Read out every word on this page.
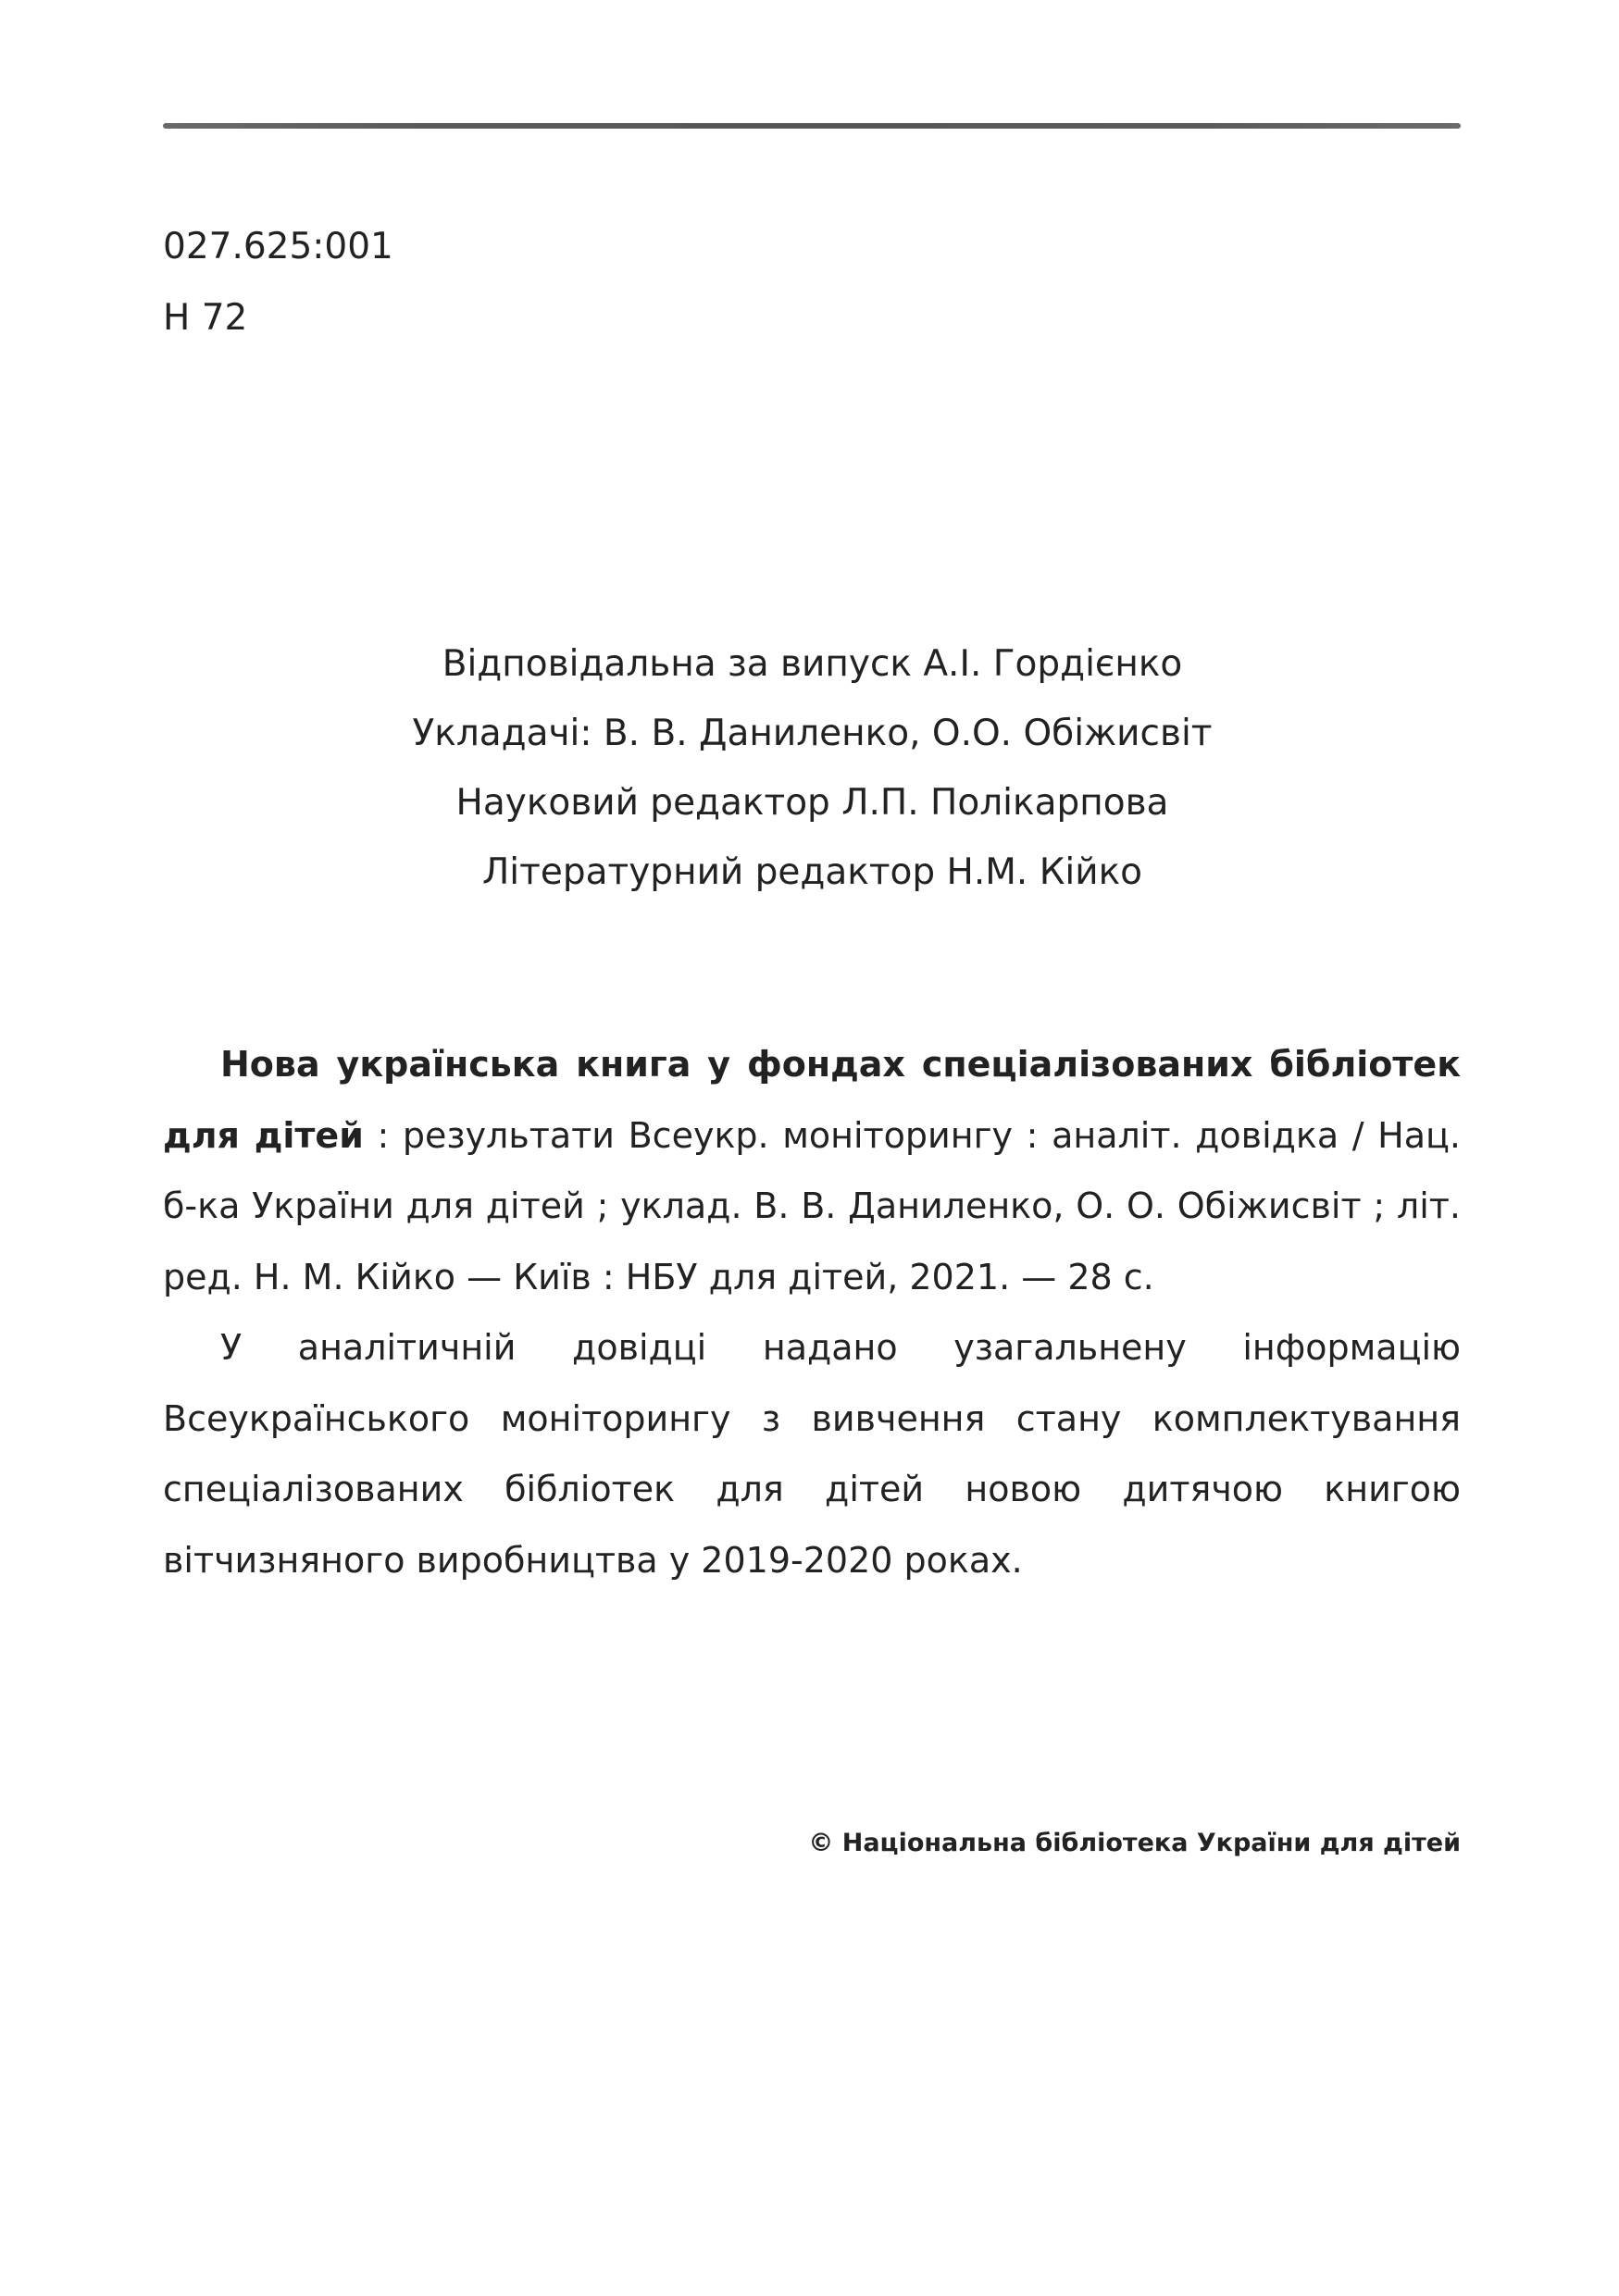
027.625:001
Н 72
Відповідальна за випуск А.І. Гордієнко
Укладачі: В. В. Даниленко, О.О. Обіжисвіт
Науковий редактор Л.П. Полікарпова
Літературний редактор Н.М. Кійко

Нова українська книга у фондах спеціалізованих бібліотек для дітей : результати Всеукр. моніторингу : аналіт. довідка / Нац. б-ка України для дітей ; уклад. В. В. Даниленко, О. О. Обіжисвіт ; літ. ред. Н. М. Кійко — Київ : НБУ для дітей, 2021. — 28 с.

У аналітичній довідці надано узагальнену інформацію Всеукраїнського моніторингу з вивчення стану комплектування спеціалізованих бібліотек для дітей новою дитячою книгою вітчизняного виробництва у 2019-2020 роках.

© Національна бібліотека України для дітей
